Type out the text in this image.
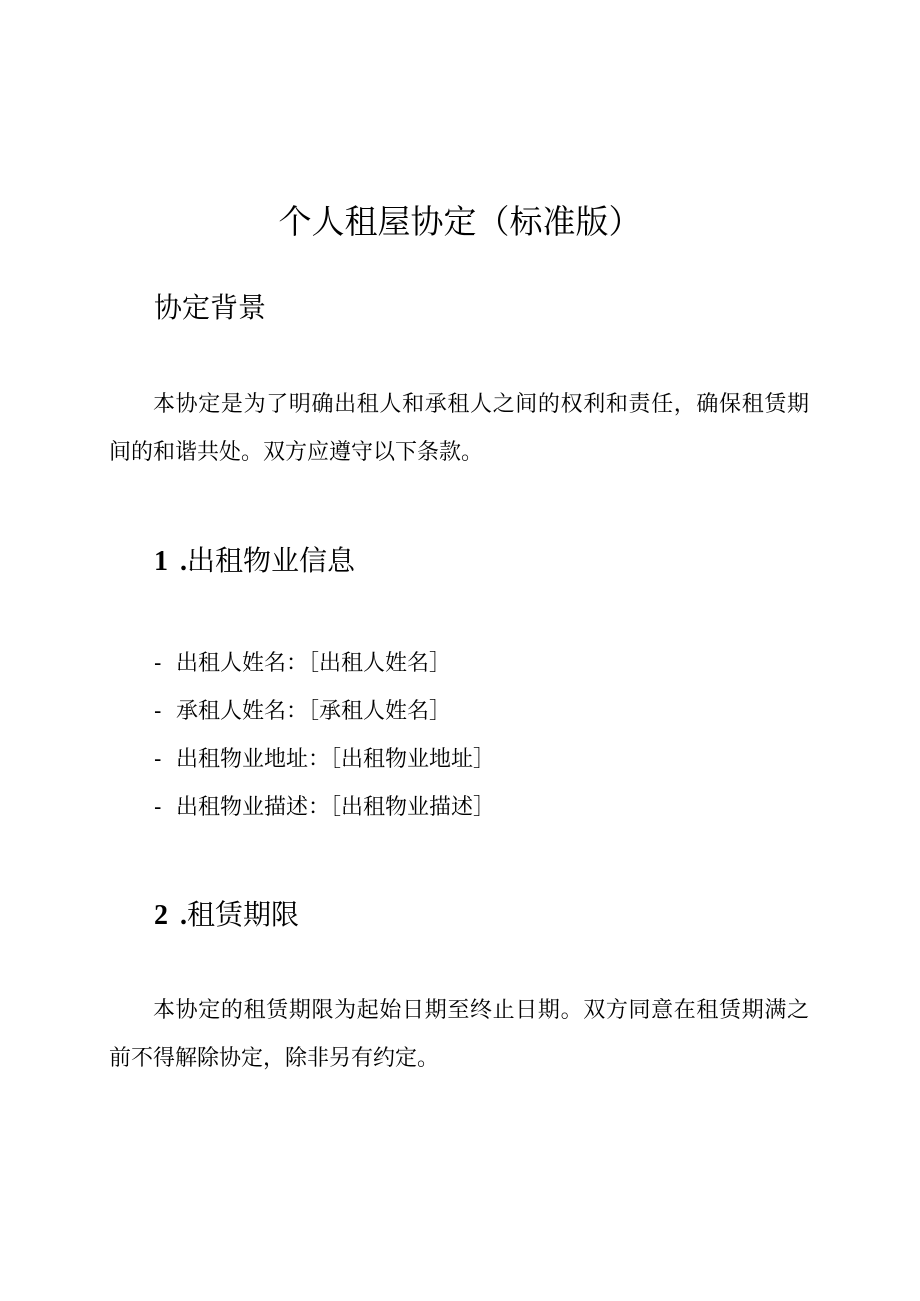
个人租屋协定（标准版）
协定背景

本协定是为了明确出租人和承租人之间的权利和责任，确保租赁期间的和谐共处。双方应遵守以下条款。

1 .出租物业信息
- 出租人姓名：［出租人姓名］
- 承租人姓名：［承租人姓名］
- 出租物业地址：［出租物业地址］
- 出租物业描述：［出租物业描述］
2 .租赁期限

本协定的租赁期限为起始日期至终止日期。双方同意在租赁期满之前不得解除协定，除非另有约定。
